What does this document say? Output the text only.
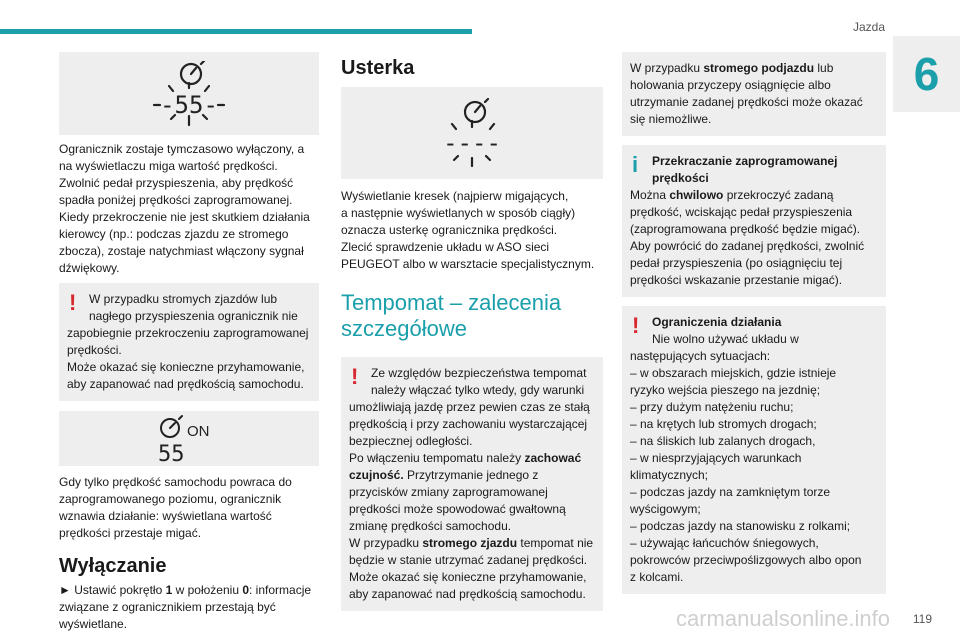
Jazda
6
-55-

Ogranicznik zostaje tymczasowo wyłączony, a
na wyświetlaczu miga wartość prędkości.
Zwolnić pedał przyspieszenia, aby prędkość
spadła poniżej prędkości zaprogramowanej.
Kiedy przekroczenie nie jest skutkiem działania
kierowcy (np.: podczas zjazdu ze stromego
zbocza), zostaje natychmiast włączony sygnał
dźwiękowy.

!	W przypadku stromych zjazdów lub
nagłego przyspieszenia ogranicznik nie
zapobiegnie przekroczeniu zaprogramowanej
prędkości.
Może okazać się konieczne przyhamowanie,
aby zapanować nad prędkością samochodu.
ON
55

Gdy tylko prędkość samochodu powraca do
zaprogramowanego poziomu, ogranicznik
wznawia działanie: wyświetlana wartość
prędkości przestaje migać.

Wyłączanie

► Ustawić pokrętło 1 w położeniu 0: informacje
związane z ogranicznikiem przestają być
wyświetlane.

Usterka
----

Wyświetlanie kresek (najpierw migających,
a następnie wyświetlanych w sposób ciągły)
oznacza usterkę ogranicznika prędkości.
Zlecić sprawdzenie układu w ASO sieci
PEUGEOT albo w warsztacie specjalistycznym.

Tempomat – zalecenia
szczegółowe
!	Ze względów bezpieczeństwa tempomat
należy włączać tylko wtedy, gdy warunki
umożliwiają jazdę przez pewien czas ze stałą
prędkością i przy zachowaniu wystarczającej
bezpiecznej odległości.
Po włączeniu tempomatu należy zachować
czujność. Przytrzymanie jednego z
przycisków zmiany zaprogramowanej
prędkości może spowodować gwałtowną
zmianę prędkości samochodu.
W przypadku stromego zjazdu tempomat nie
będzie w stanie utrzymać zadanej prędkości.
Może okazać się konieczne przyhamowanie,
aby zapanować nad prędkością samochodu.
W przypadku stromego podjazdu lub
holowania przyczepy osiągnięcie albo
utrzymanie zadanej prędkości może okazać
się niemożliwe.
i	Przekraczanie zaprogramowanej
prędkości
Można chwilowo przekroczyć zadaną
prędkość, wciskając pedał przyspieszenia
(zaprogramowana prędkość będzie migać).
Aby powrócić do zadanej prędkości, zwolnić
pedał przyspieszenia (po osiągnięciu tej
prędkości wskazanie przestanie migać).
!	Ograniczenia działania
Nie wolno używać układu w
następujących sytuacjach:
– w obszarach miejskich, gdzie istnieje
ryzyko wejścia pieszego na jezdnię;
– przy dużym natężeniu ruchu;
– na krętych lub stromych drogach;
– na śliskich lub zalanych drogach,
– w niesprzyjających warunkach
klimatycznych;
– podczas jazdy na zamkniętym torze
wyścigowym;
– podczas jazdy na stanowisku z rolkami;
– używając łańcuchów śniegowych,
pokrowców przeciwpoślizgowych albo opon
z kolcami.
carmanualsonline.info 119
